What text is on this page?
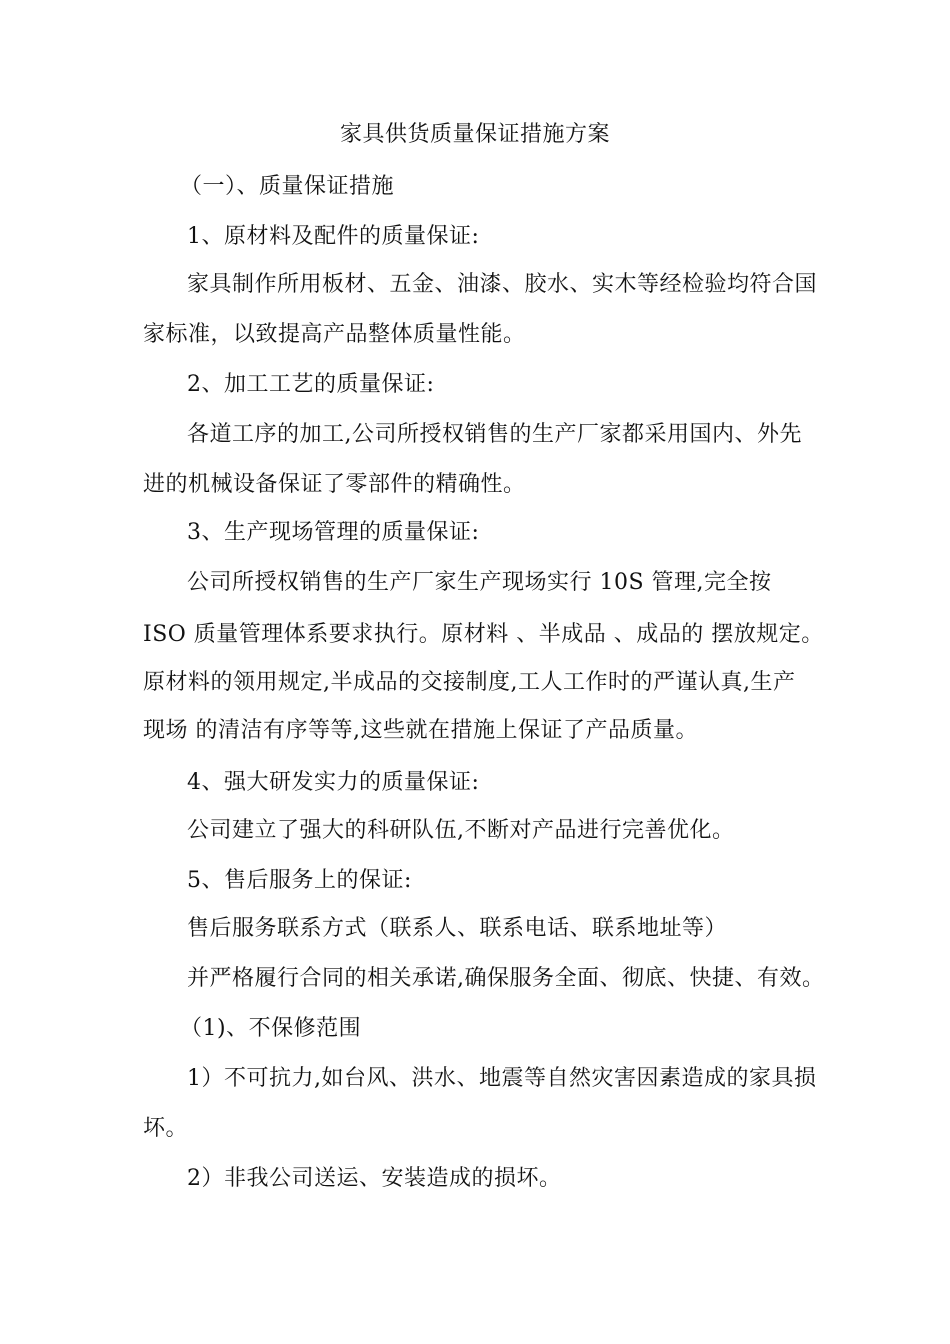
家具供货质量保证措施方案
（一）、质量保证措施
1、原材料及配件的质量保证:
家具制作所用板材、五金、油漆、胶水、实木等经检验均符合国
家标准，以致提高产品整体质量性能。
2、加工工艺的质量保证:
各道工序的加工,公司所授权销售的生产厂家都采用国内、外先
进的机械设备保证了零部件的精确性。
3、生产现场管理的质量保证:
公司所授权销售的生产厂家生产现场实行 10S 管理,完全按
ISO 质量管理体系要求执行。原材料 、半成品 、成品的 摆放规定。
原材料的领用规定,半成品的交接制度,工人工作时的严谨认真,生产
现场 的清洁有序等等,这些就在措施上保证了产品质量。
4、强大研发实力的质量保证:
公司建立了强大的科研队伍,不断对产品进行完善优化。
5、售后服务上的保证:
售后服务联系方式（联系人、联系电话、联系地址等）
并严格履行合同的相关承诺,确保服务全面、彻底、快捷、有效。
（1)、不保修范围
1）不可抗力,如台风、洪水、地震等自然灾害因素造成的家具损
坏。
2）非我公司送运、安装造成的损坏。
